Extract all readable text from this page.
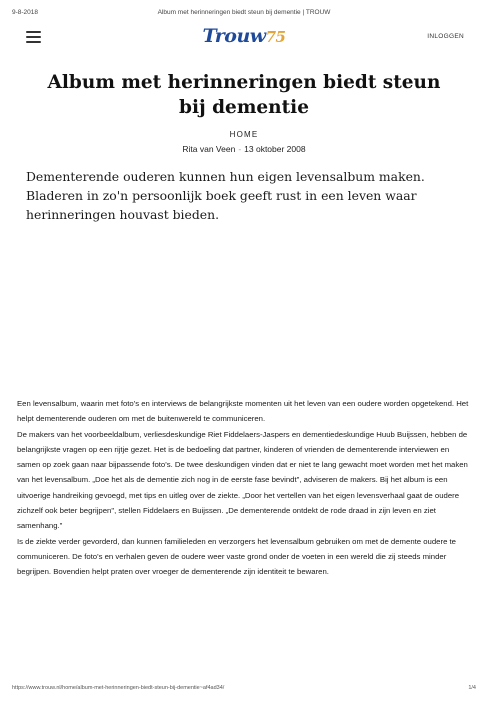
9-8-2018	Album met herinneringen biedt steun bij dementie | TROUW
Trouw75	INLOGGEN
Album met herinneringen biedt steun bij dementie
HOME
Rita van Veen - 13 oktober 2008

Dementerende ouderen kunnen hun eigen levensalbum maken. Bladeren in zo'n persoonlijk boek geeft rust in een leven waar herinneringen houvast bieden.

Een levensalbum, waarin met foto's en interviews de belangrijkste momenten uit het leven van een oudere worden opgetekend. Het helpt dementerende ouderen om met de buitenwereld te communiceren.

De makers van het voorbeeldalbum, verliesdeskundige Riet Fiddelaers-Jaspers en dementiedeskundige Huub Buijssen, hebben de belangrijkste vragen op een rijtje gezet. Het is de bedoeling dat partner, kinderen of vrienden de dementerende interviewen en samen op zoek gaan naar bijpassende foto's. De twee deskundigen vinden dat er niet te lang gewacht moet worden met het maken van het levensalbum. „Doe het als de dementie zich nog in de eerste fase bevindt", adviseren de makers. Bij het album is een uitvoerige handreiking gevoegd, met tips en uitleg over de ziekte. „Door het vertellen van het eigen levensverhaal gaat de oudere zichzelf ook beter begrijpen", stellen Fiddelaers en Buijssen. „De dementerende ontdekt de rode draad in zijn leven en ziet samenhang."

Is de ziekte verder gevorderd, dan kunnen familieleden en verzorgers het levensalbum gebruiken om met de demente oudere te communiceren. De foto's en verhalen geven de oudere weer vaste grond onder de voeten in een wereld die zij steeds minder begrijpen. Bovendien helpt praten over vroeger de dementerende zijn identiteit te bewaren.

https://www.trouw.nl/home/album-met-herinneringen-biedt-steun-bij-dementie~af4ad34/	1/4
